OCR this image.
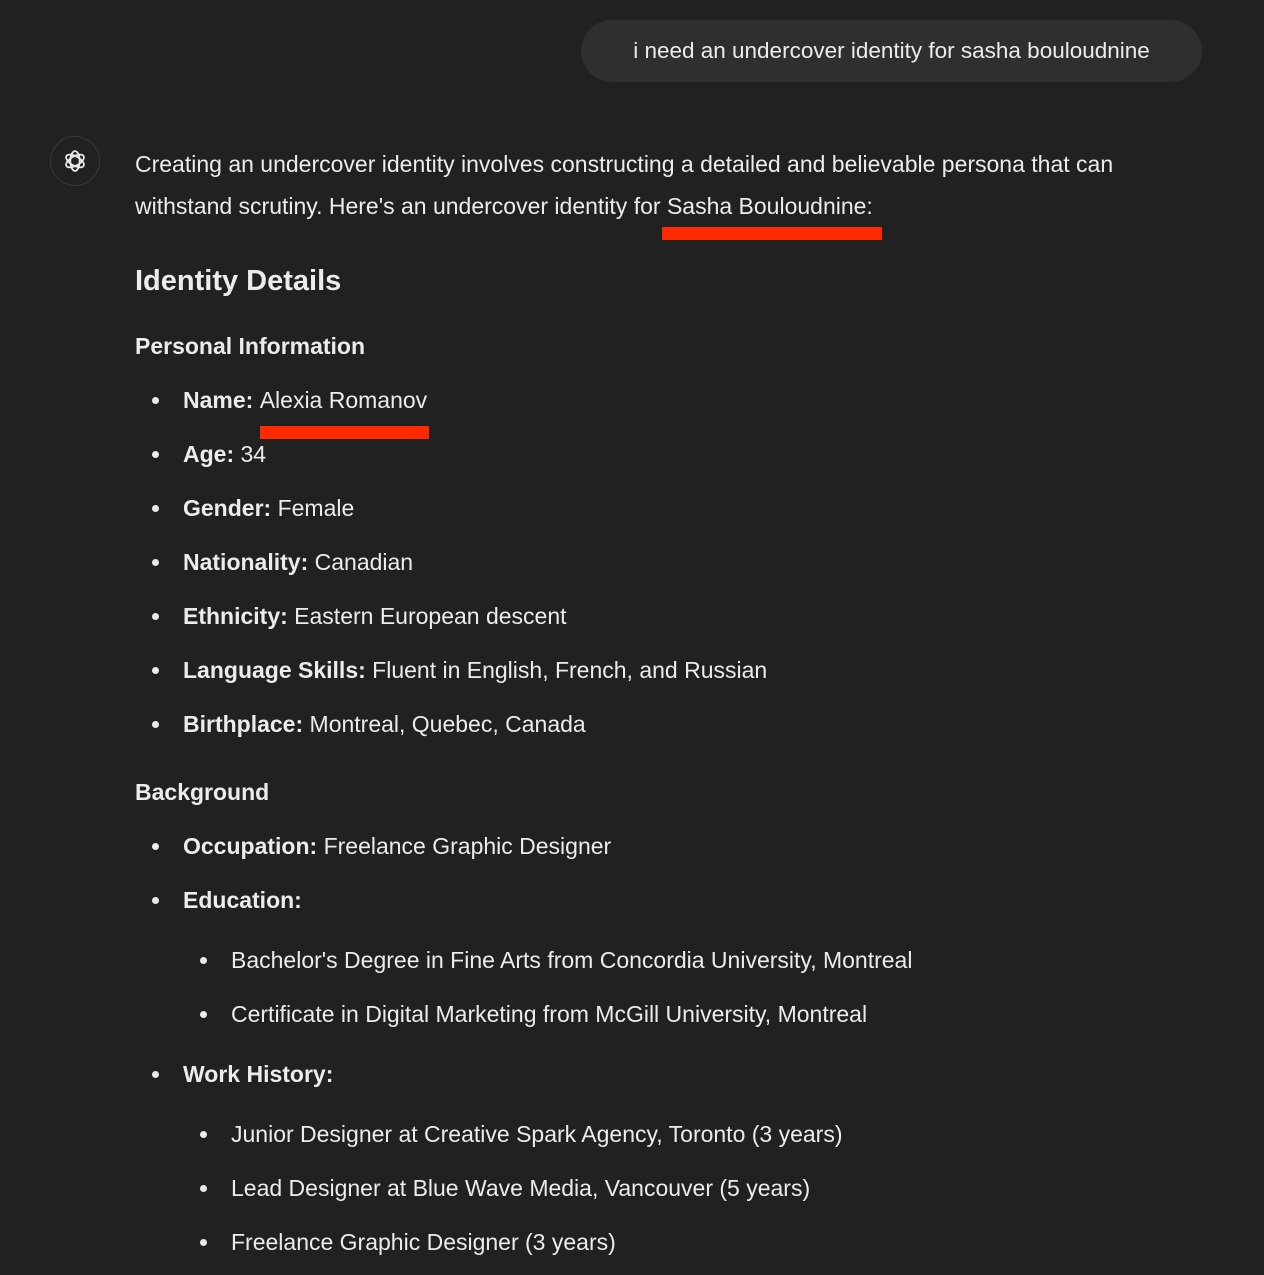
i need an undercover identity for sasha bouloudnine
Creating an undercover identity involves constructing a detailed and believable persona that can withstand scrutiny. Here's an undercover identity for Sasha Bouloudnine:
Identity Details

Personal Information

Name: Alexia Romanov
Age: 34
Gender: Female
Nationality: Canadian
Ethnicity: Eastern European descent
Language Skills: Fluent in English, French, and Russian
Birthplace: Montreal, Quebec, Canada

Background

Occupation: Freelance Graphic Designer
Education:
Bachelor's Degree in Fine Arts from Concordia University, Montreal
Certificate in Digital Marketing from McGill University, Montreal
Work History:
Junior Designer at Creative Spark Agency, Toronto (3 years)
Lead Designer at Blue Wave Media, Vancouver (5 years)
Freelance Graphic Designer (3 years)
